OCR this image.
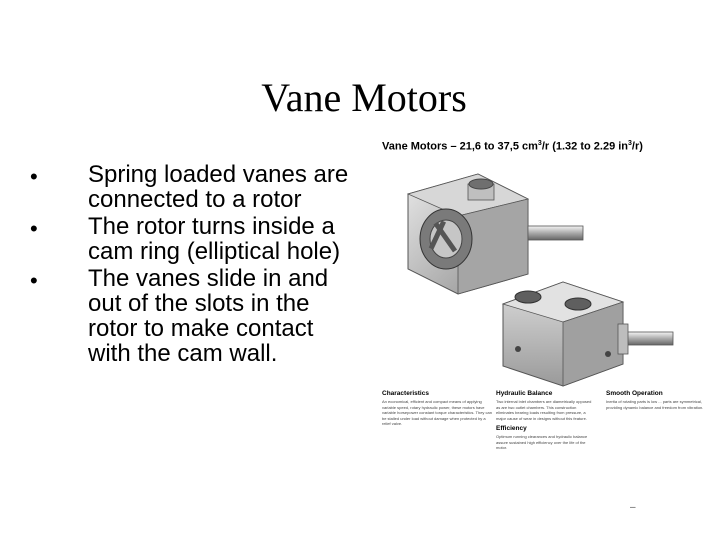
Vane Motors
• Spring loaded vanes are connected to a rotor
• The rotor turns inside a cam ring (elliptical hole)
• The vanes slide in and out of the slots in the rotor to make contact with the cam wall.
Vane Motors – 21,6 to 37,5 $cm^3/r$ (1.32 to 2.29 $in^3/r$)
Characteristics

An economical, efficient and compact means of applying variable speed, rotary hydraulic power, these motors have variable horsepower constant torque characteristics. They can be stalled under load without damage when protected by a relief valve.

Hydraulic Balance

Two internal inlet chambers are diametrically opposed as are two outlet chambers. This construction eliminates bearing loads resulting from pressure, a major cause of wear in designs without this feature.

Efficiency

Optimum running clearances and hydraulic balance assure sustained high efficiency over the life of the motor.

Smooth Operation

Inertia of rotating parts is low ... parts are symmetrical, providing dynamic balance and freedom from vibration.

–
